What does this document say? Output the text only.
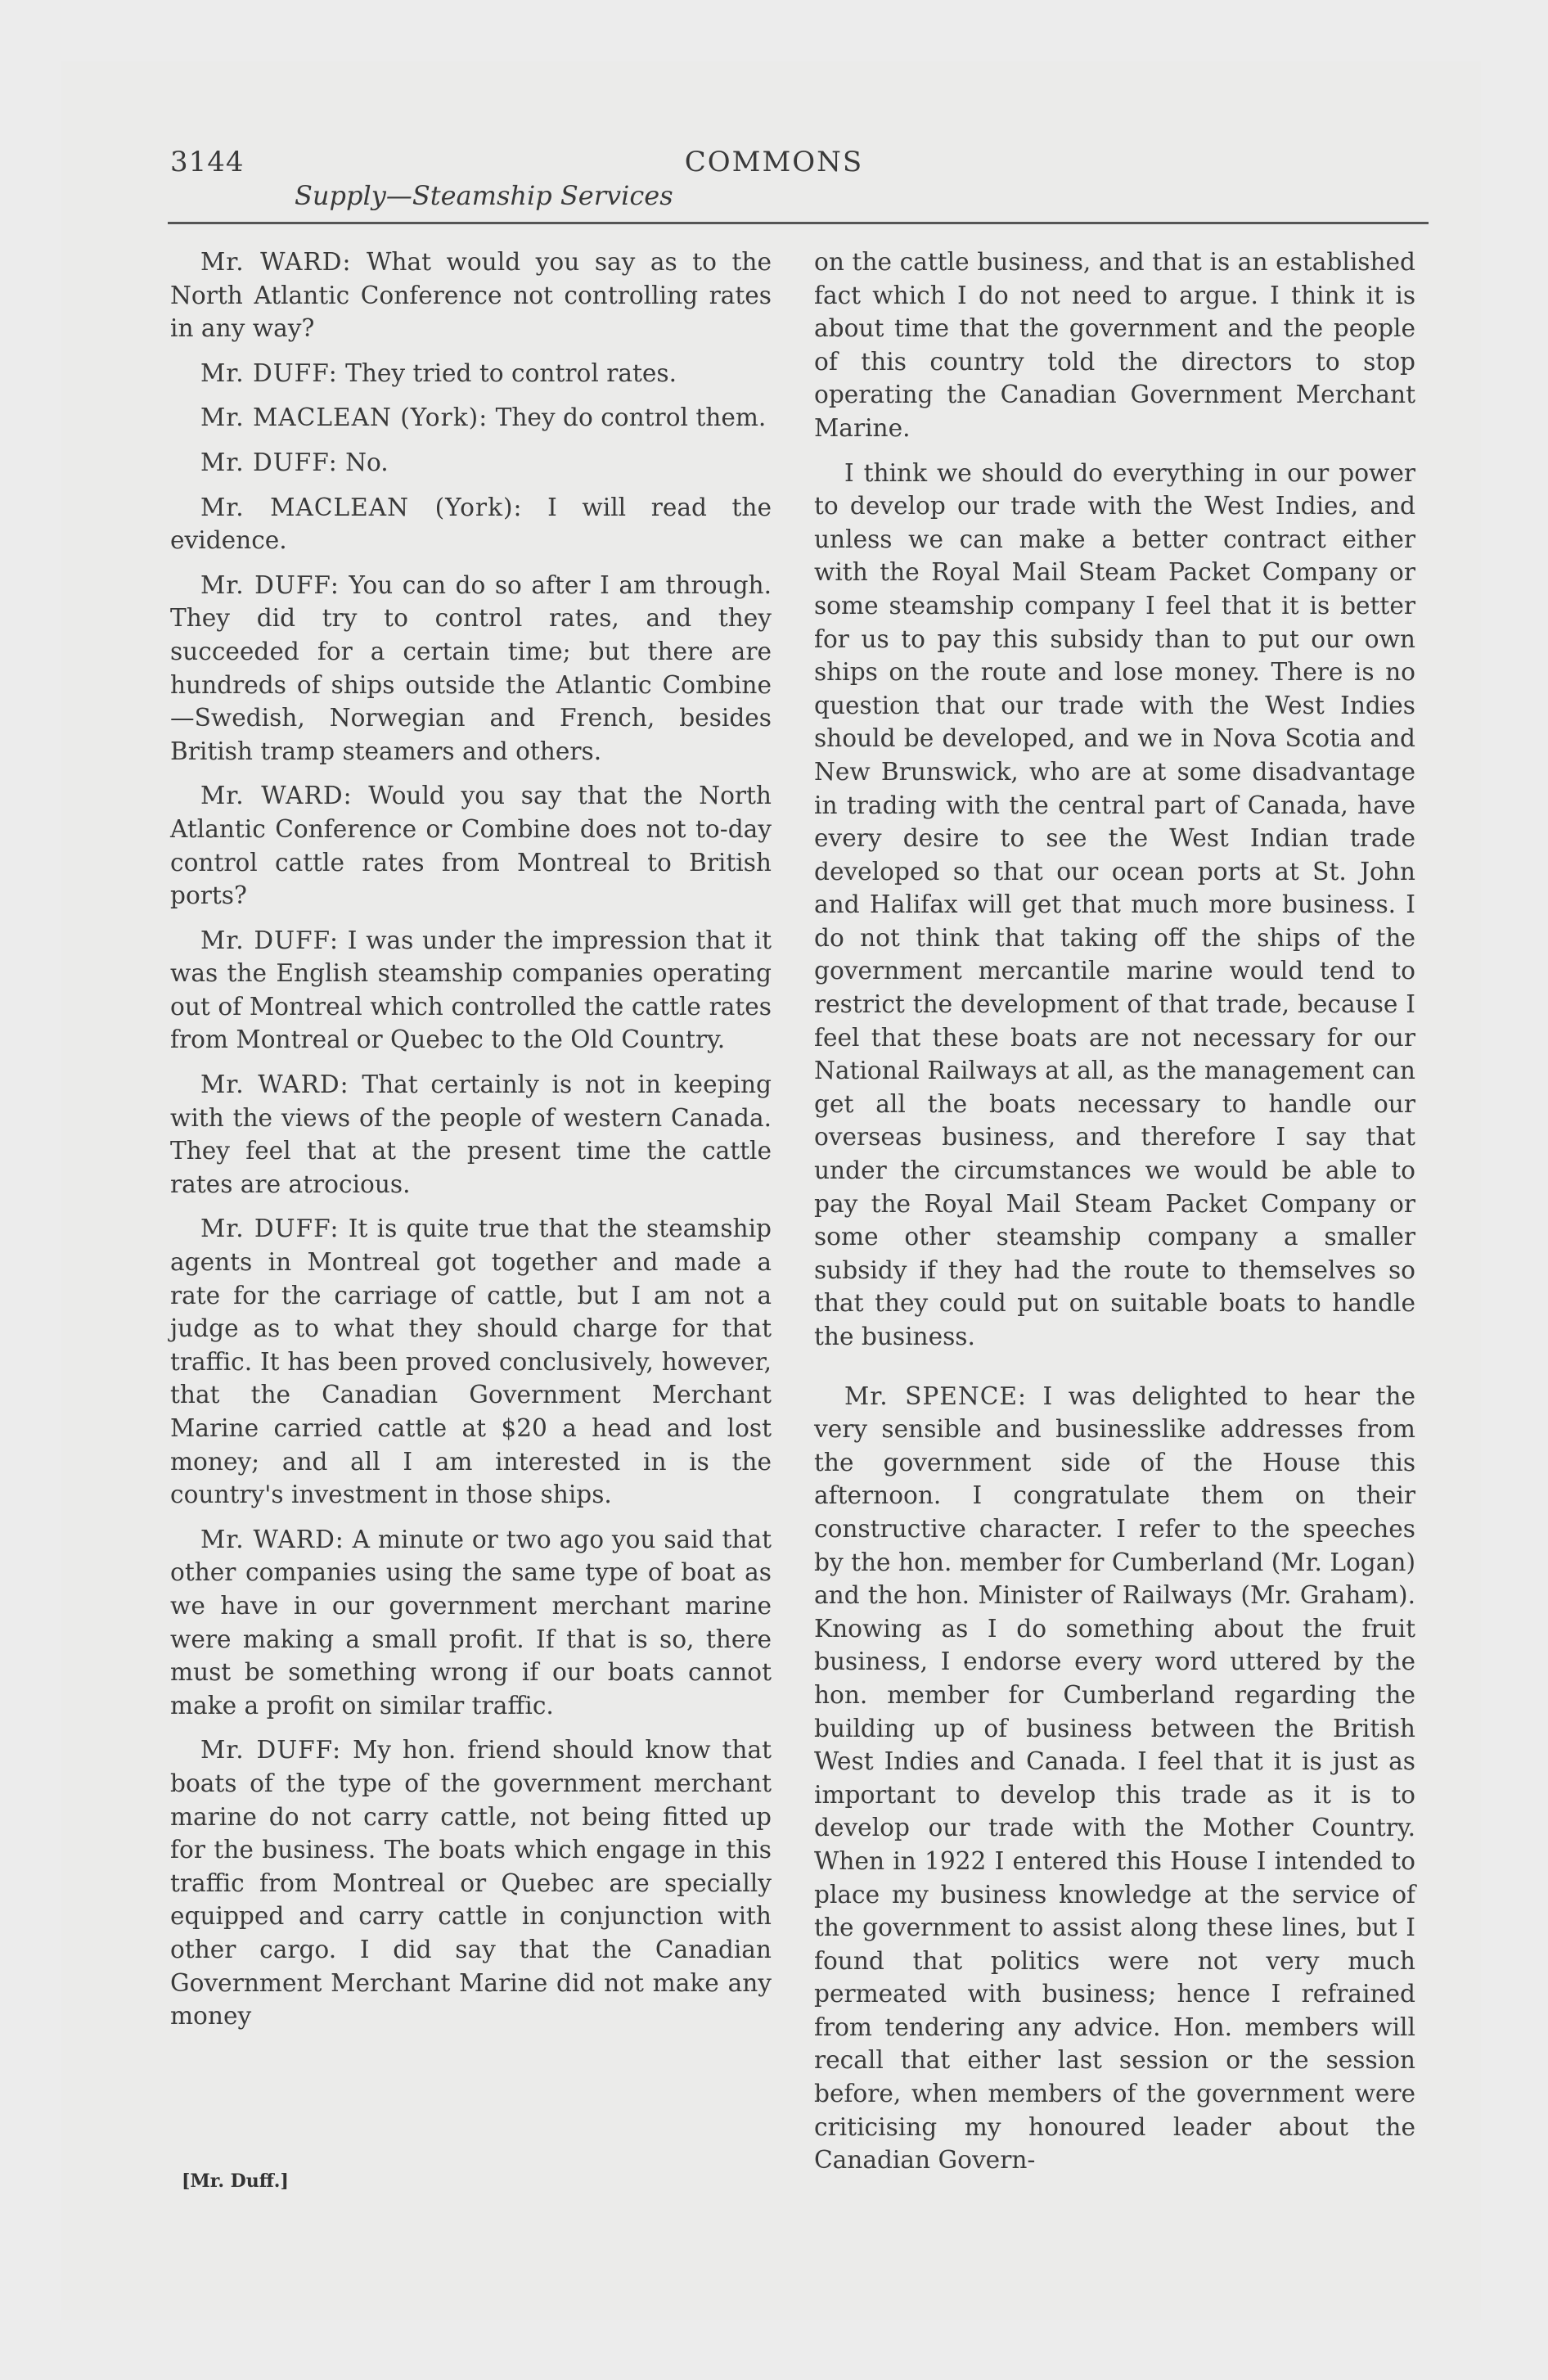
3144	COMMONS
Supply—Steamship Services

Mr. WARD: What would you say as to the North Atlantic Conference not controlling rates in any way?

Mr. DUFF: They tried to control rates.

Mr. MACLEAN (York): They do control them.

Mr. DUFF: No.

Mr. MACLEAN (York): I will read the evidence.

Mr. DUFF: You can do so after I am through. They did try to control rates, and they succeeded for a certain time; but there are hundreds of ships outside the Atlantic Combine—Swedish, Norwegian and French, besides British tramp steamers and others.

Mr. WARD: Would you say that the North Atlantic Conference or Combine does not to-day control cattle rates from Montreal to British ports?

Mr. DUFF: I was under the impression that it was the English steamship companies operating out of Montreal which controlled the cattle rates from Montreal or Quebec to the Old Country.

Mr. WARD: That certainly is not in keeping with the views of the people of western Canada. They feel that at the present time the cattle rates are atrocious.

Mr. DUFF: It is quite true that the steamship agents in Montreal got together and made a rate for the carriage of cattle, but I am not a judge as to what they should charge for that traffic. It has been proved conclusively, however, that the Canadian Government Merchant Marine carried cattle at $20 a head and lost money; and all I am interested in is the country's investment in those ships.

Mr. WARD: A minute or two ago you said that other companies using the same type of boat as we have in our government merchant marine were making a small profit. If that is so, there must be something wrong if our boats cannot make a profit on similar traffic.

Mr. DUFF: My hon. friend should know that boats of the type of the government merchant marine do not carry cattle, not being fitted up for the business. The boats which engage in this traffic from Montreal or Quebec are specially equipped and carry cattle in conjunction with other cargo. I did say that the Canadian Government Merchant Marine did not make any money

on the cattle business, and that is an established fact which I do not need to argue. I think it is about time that the government and the people of this country told the directors to stop operating the Canadian Government Merchant Marine.

I think we should do everything in our power to develop our trade with the West Indies, and unless we can make a better contract either with the Royal Mail Steam Packet Company or some steamship company I feel that it is better for us to pay this subsidy than to put our own ships on the route and lose money. There is no question that our trade with the West Indies should be developed, and we in Nova Scotia and New Brunswick, who are at some disadvantage in trading with the central part of Canada, have every desire to see the West Indian trade developed so that our ocean ports at St. John and Halifax will get that much more business. I do not think that taking off the ships of the government mercantile marine would tend to restrict the development of that trade, because I feel that these boats are not necessary for our National Railways at all, as the management can get all the boats necessary to handle our overseas business, and therefore I say that under the circumstances we would be able to pay the Royal Mail Steam Packet Company or some other steamship company a smaller subsidy if they had the route to themselves so that they could put on suitable boats to handle the business.

Mr. SPENCE: I was delighted to hear the very sensible and businesslike addresses from the government side of the House this afternoon. I congratulate them on their constructive character. I refer to the speeches by the hon. member for Cumberland (Mr. Logan) and the hon. Minister of Railways (Mr. Graham). Knowing as I do something about the fruit business, I endorse every word uttered by the hon. member for Cumberland regarding the building up of business between the British West Indies and Canada. I feel that it is just as important to develop this trade as it is to develop our trade with the Mother Country. When in 1922 I entered this House I intended to place my business knowledge at the service of the government to assist along these lines, but I found that politics were not very much permeated with business; hence I refrained from tendering any advice. Hon. members will recall that either last session or the session before, when members of the government were criticising my honoured leader about the Canadian Govern-

[Mr. Duff.]
